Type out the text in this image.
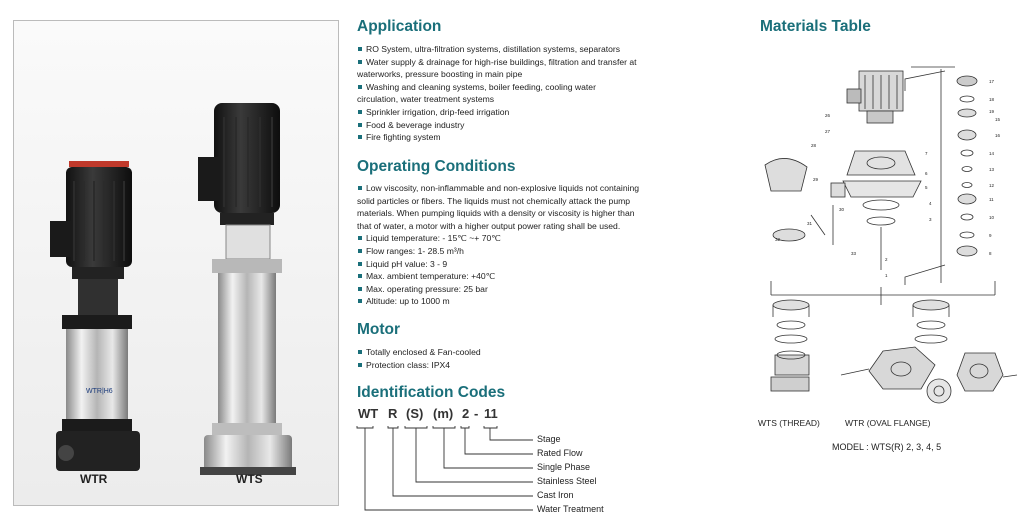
WTR|H6
WTR	WTS
Application
RO System, ultra-filtration systems, distillation systems, separators
Water supply & drainage for high-rise buildings, filtration and transfer at
waterworks, pressure boosting in main pipe
Washing and cleaning systems, boiler feeding, cooling water
circulation, water treatment systems
Sprinkler irrigation, drip-feed irrigation
Food & beverage industry
Fire fighting system
Operating Conditions
Low viscosity, non-inflammable and non-explosive liquids not containing
solid particles or fibers. The liquids must not chemically attack the pump
materials. When pumping liquids with a density or viscosity is higher than
that of water, a motor with a higher output power rating shall be used.
Liquid temperature: - 15℃ ~+ 70℃
Flow ranges: 1- 28.5 m³/h
Liquid pH value: 3 - 9
Max. ambient temperature: +40℃
Max. operating pressure: 25 bar
Altitude: up to 1000 m
Motor
Totally enclosed & Fan-cooled
Protection class: IPX4
Identification Codes
WT R (S) (m) 2 - 11
Stage
Rated Flow
Single Phase
Stainless Steel
Cast Iron
Water Treatment
Materials Table
17
18
19
15
16
14
13
12
11
10
9
8
7
6
5
4
3
2
1
26
27
28
29
30
31
32
33
WTS (THREAD)	WTR (OVAL FLANGE)
MODEL : WTS(R) 2, 3, 4, 5
